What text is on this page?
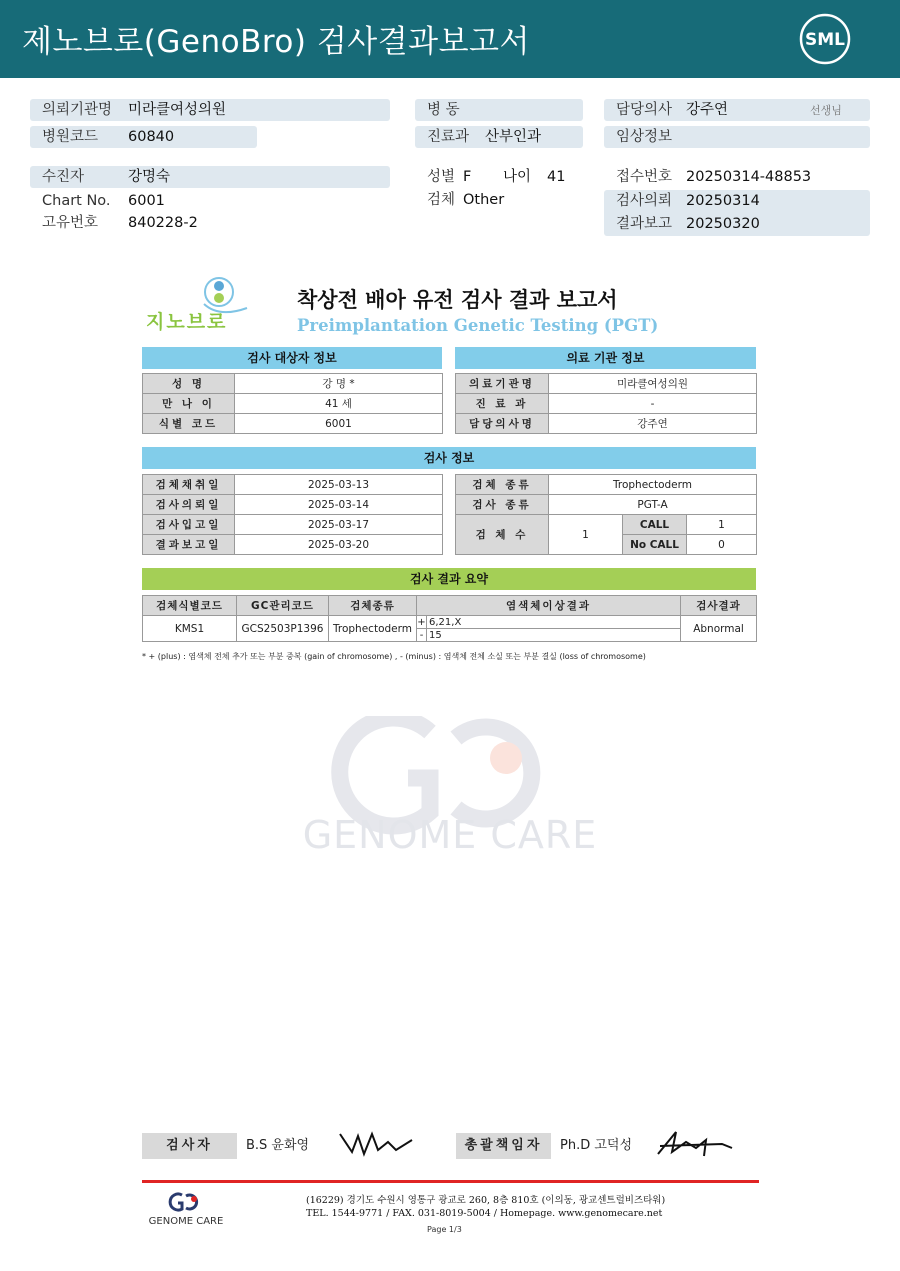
제노브로(GenoBro) 검사결과보고서	SML
의뢰기관명 미라클여성의원
병원코드 60840
병 동
진료과 산부인과
담당의사 강주연	선생님
임상정보
수진자	강명숙
Chart No. 6001
고유번호 840228-2
성별 F 나이 41
검체 Other
접수번호 20250314-48853
검사의뢰 20250314
결과보고 20250320
지노브로
착상전 배아 유전 검사 결과 보고서
Preimplantation Genetic Testing (PGT)
검사 대상자 정보	의료 기관 정보
성 명	강 명 *
만 나 이	41 세
식별 코드	6001
의료기관명	미라클여성의원
진 료 과	-
담당의사명	강주연
검사 정보
검체채취일	2025-03-13
검사의뢰일	2025-03-14
검사입고일	2025-03-17
결과보고일	2025-03-20
검체 종류	Trophectoderm		
검사 종류	PGT-A		
검 체 수	1	CALL	1
		No CALL	0
검사 결과 요약
검체식별코드	GC관리코드	검체종류	염색체이상결과		검사결과
KMS1	GCS2503P1396	Trophectoderm	+	6,21,X	Abnormal
			-	15	
* + (plus) : 염색체 전체 추가 또는 부분 중복 (gain of chromosome) , - (minus) : 염색체 전체 소실 또는 부분 결실 (loss of chromosome)
GENOME CARE
검사자	B.S 윤화영	총괄책임자	Ph.D 고덕성
GENOME CARE
(16229) 경기도 수원시 영통구 광교로 260, 8층 810호 (이의동, 광교센트럴비즈타워)
TEL. 1544-9771 / FAX. 031-8019-5004 / Homepage. www.genomecare.net
Page 1/3
